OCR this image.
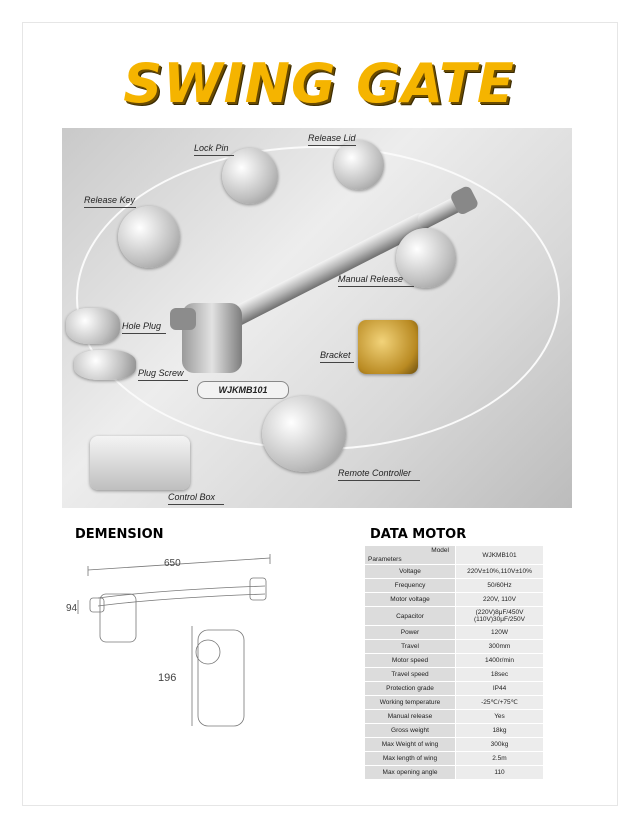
SWING GATE
Lock Pin
Release Lid
Release Key
Manual Release
Hole Plug
Bracket
Plug Screw
WJKMB101
Remote Controller
Control Box
DEMENSION
650
94
196
DATA MOTOR
Model
Parameters	WJKMB101
Voltage	220V±10%,110V±10%
Frequency	50/60Hz
Motor voltage	220V, 110V
Capacitor	(220V)8μF/450V
(110V)30μF/250V
Power	120W
Travel	300mm
Motor speed	1400r/min
Travel speed	18sec
Protection grade	IP44
Working temperature	-25℃/+75℃
Manual release	Yes
Gross weight	18kg
Max Weight of wing	300kg
Max length of wing	2.5m
Max opening angle	110
